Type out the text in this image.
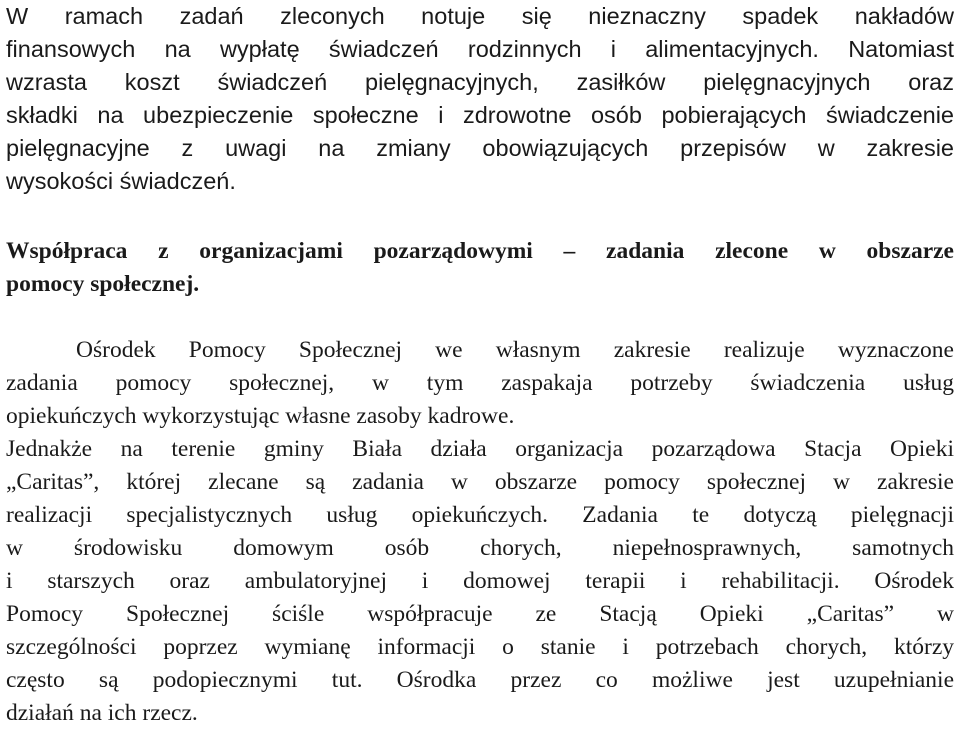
W ramach zadań zleconych notuje się nieznaczny spadek nakładów
finansowych na wypłatę świadczeń rodzinnych i alimentacyjnych. Natomiast
wzrasta koszt świadczeń pielęgnacyjnych, zasiłków pielęgnacyjnych oraz
składki na ubezpieczenie społeczne i zdrowotne osób pobierających świadczenie
pielęgnacyjne z uwagi na zmiany obowiązujących przepisów w zakresie
wysokości świadczeń.
Współpraca z organizacjami pozarządowymi – zadania zlecone w obszarze
pomocy społecznej.
Ośrodek Pomocy Społecznej we własnym zakresie realizuje wyznaczone
zadania pomocy społecznej, w tym zaspakaja potrzeby świadczenia usług
opiekuńczych wykorzystując własne zasoby kadrowe.
Jednakże na terenie gminy Biała działa organizacja pozarządowa Stacja Opieki
„Caritas”, której zlecane są zadania w obszarze pomocy społecznej w zakresie
realizacji specjalistycznych usług opiekuńczych. Zadania te dotyczą pielęgnacji
w środowisku domowym osób chorych, niepełnosprawnych, samotnych
i starszych oraz ambulatoryjnej i domowej terapii i rehabilitacji. Ośrodek
Pomocy Społecznej ściśle współpracuje ze Stacją Opieki „Caritas” w
szczególności poprzez wymianę informacji o stanie i potrzebach chorych, którzy
często są podopiecznymi tut. Ośrodka przez co możliwe jest uzupełnianie
działań na ich rzecz.
